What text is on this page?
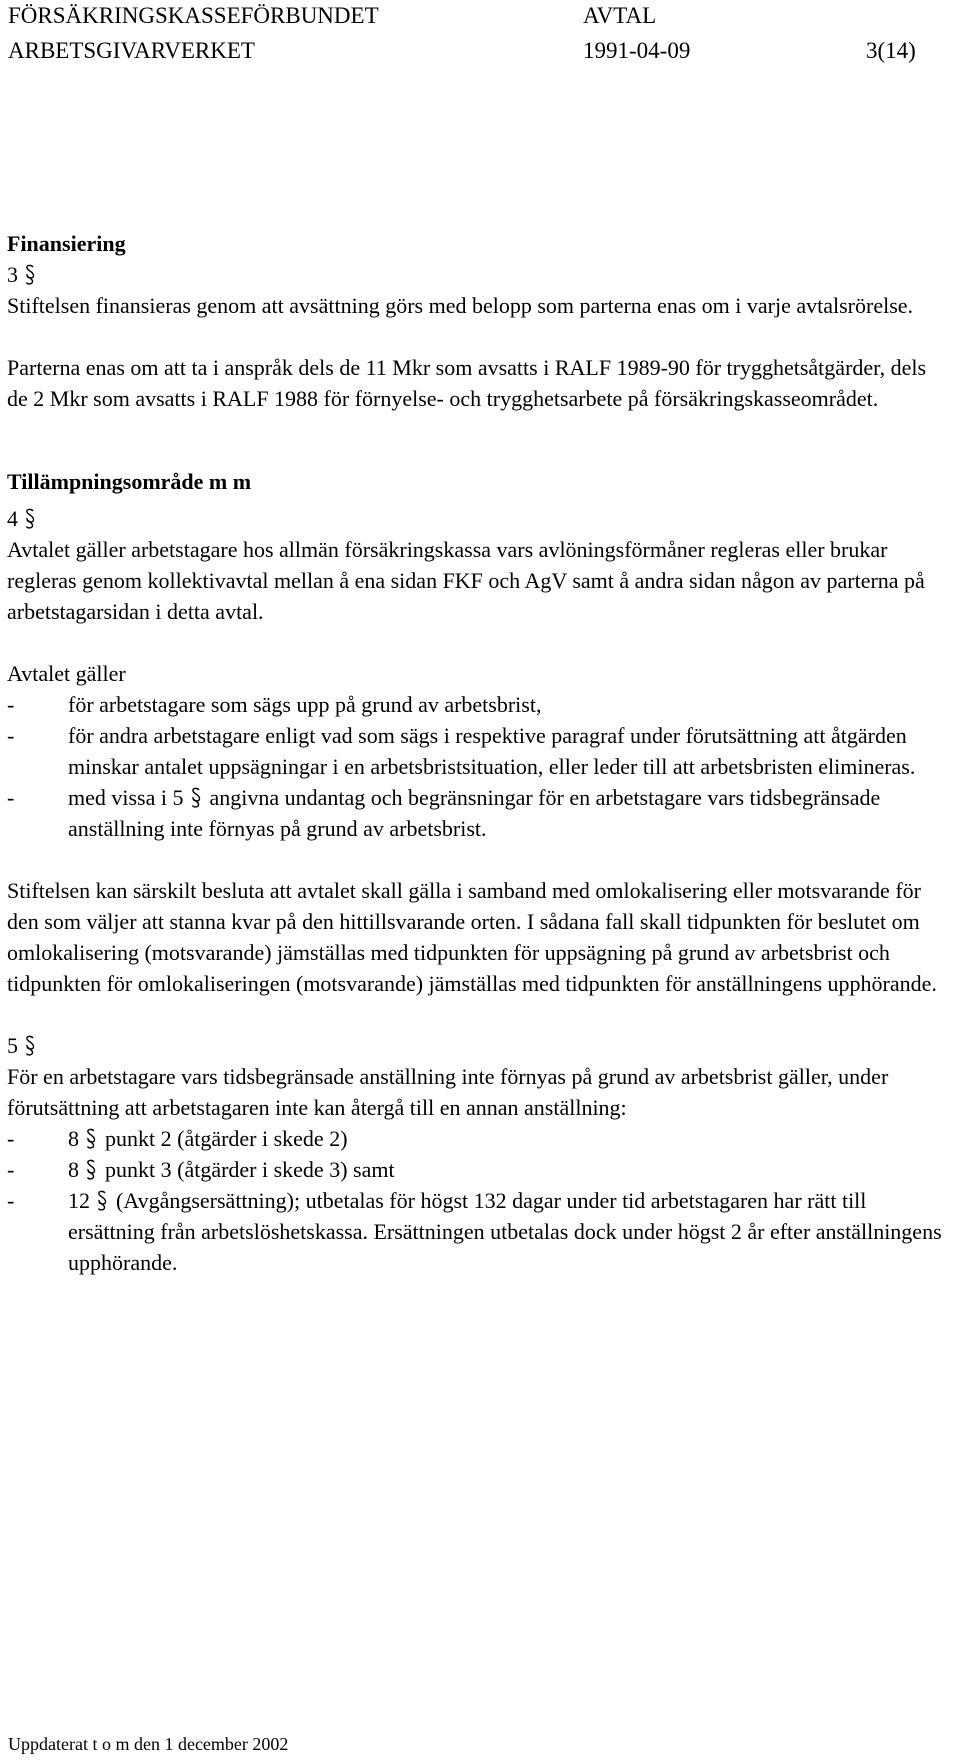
FÖRSÄKRINGSKASSEFÖRBUNDET	AVTAL
ARBETSGIVARVERKET	1991-04-09	3(14)

Finansiering

3

Stiftelsen finansieras genom att avsättning görs med belopp som parterna enas om i varje avtalsrörelse.

Parterna enas om att ta i anspråk dels de 11 Mkr som avsatts i RALF 1989-90 för trygghetsåtgärder, dels de 2 Mkr som avsatts i RALF 1988 för förnyelse- och trygghetsarbete på försäkringskasseområdet.

Tillämpningsområde m m

4

Avtalet gäller arbetstagare hos allmän försäkringskassa vars avlöningsförmåner regleras eller brukar regleras genom kollektivavtal mellan å ena sidan FKF och AgV samt å andra sidan någon av parterna på arbetstagarsidan i detta avtal.

Avtalet gäller

- för arbetstagare som sägs upp på grund av arbetsbrist,
- för andra arbetstagare enligt vad som sägs i respektive paragraf under förutsättning att åtgärden minskar antalet uppsägningar i en arbetsbristsituation, eller leder till att arbetsbristen elimineras.
- med vissa i 5 angivna undantag och begränsningar för en arbetstagare vars tidsbegränsade anställning inte förnyas på grund av arbetsbrist.

Stiftelsen kan särskilt besluta att avtalet skall gälla i samband med omlokalisering eller motsvarande för den som väljer att stanna kvar på den hittillsvarande orten. I sådana fall skall tidpunkten för beslutet om omlokalisering (motsvarande) jämställas med tidpunkten för uppsägning på grund av arbetsbrist och tidpunkten för omlokaliseringen (motsvarande) jämställas med tidpunkten för anställningens upphörande.

5

För en arbetstagare vars tidsbegränsade anställning inte förnyas på grund av arbetsbrist gäller, under förutsättning att arbetstagaren inte kan återgå till en annan anställning:

- 8 punkt 2 (åtgärder i skede 2)
- 8 punkt 3 (åtgärder i skede 3) samt
- 12 (Avgångsersättning); utbetalas för högst 132 dagar under tid arbetstagaren har rätt till ersättning från arbetslöshetskassa. Ersättningen utbetalas dock under högst 2 år efter anställningens upphörande.
Uppdaterat t o m den 1 december 2002
